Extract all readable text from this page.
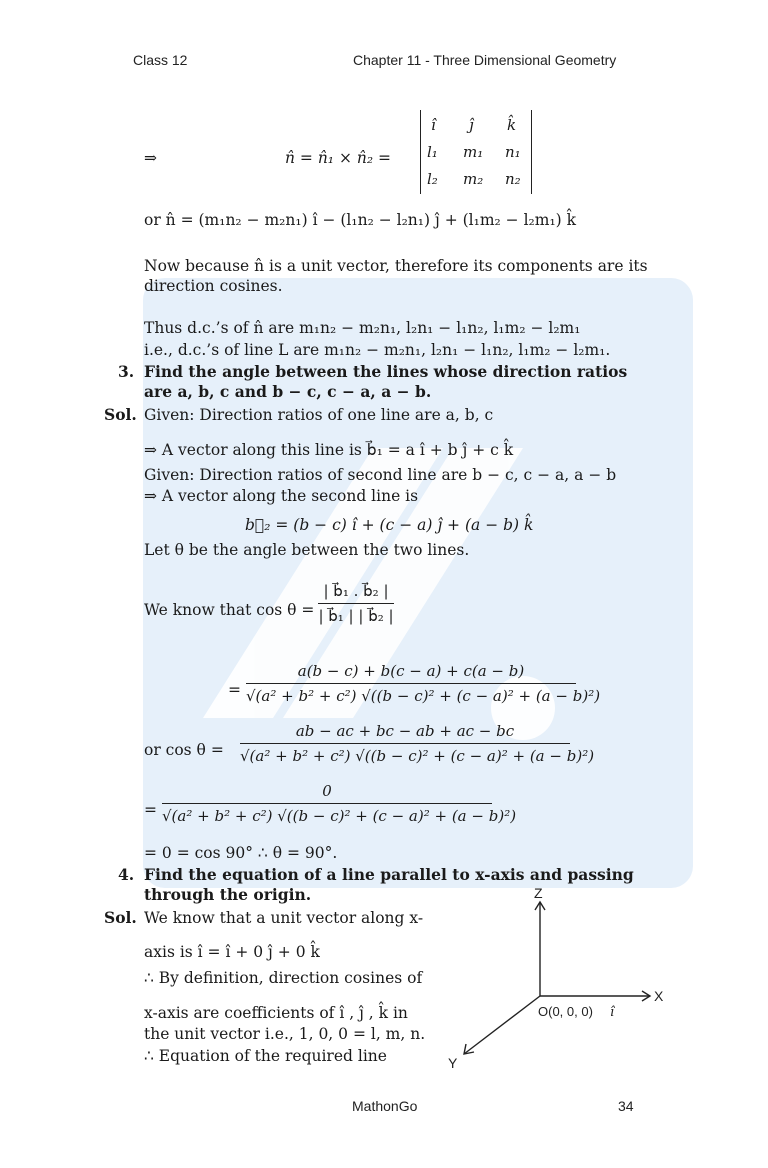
Class 12	Chapter 11 - Three Dimensional Geometry
⇒	n̂ = n̂₁ × n̂₂ =
î ĵ k̂
l₁ m₁ n₁
l₂ m₂ n₂
or n̂ = (m₁n₂ − m₂n₁) î − (l₁n₂ − l₂n₁) ĵ + (l₁m₂ − l₂m₁) k̂
Now because n̂ is a unit vector, therefore its components are its
direction cosines.
Thus d.c.’s of n̂ are m₁n₂ − m₂n₁, l₂n₁ − l₁n₂, l₁m₂ − l₂m₁
i.e., d.c.’s of line L are m₁n₂ − m₂n₁, l₂n₁ − l₁n₂, l₁m₂ − l₂m₁.
3. Find the angle between the lines whose direction ratios
are a, b, c and b − c, c − a, a − b.
Sol. Given: Direction ratios of one line are a, b, c
⇒ A vector along this line is b⃗₁ = a î + b ĵ + c k̂
Given: Direction ratios of second line are b − c, c − a, a − b
⇒ A vector along the second line is
b⃗₂ = (b − c) î + (c − a) ĵ + (a − b) k̂
Let θ be the angle between the two lines.
We know that cos θ =
| b⃗₁ . b⃗₂ |
| b⃗₁ | | b⃗₂ |
=
a(b − c) + b(c − a) + c(a − b)
√(a² + b² + c²) √((b − c)² + (c − a)² + (a − b)²)
or cos θ =
ab − ac + bc − ab + ac − bc
√(a² + b² + c²) √((b − c)² + (c − a)² + (a − b)²)
=
0
√(a² + b² + c²) √((b − c)² + (c − a)² + (a − b)²)
= 0 = cos 90° ∴ θ = 90°.
4. Find the equation of a line parallel to x-axis and passing
through the origin.
Sol. We know that a unit vector along x-
axis is î = î + 0 ĵ + 0 k̂
∴ By definition, direction cosines of
x-axis are coefficients of î , ĵ , k̂ in
the unit vector i.e., 1, 0, 0 = l, m, n.
∴ Equation of the required line
Z
X
Y
O(0, 0, 0) î
MathonGo	34
